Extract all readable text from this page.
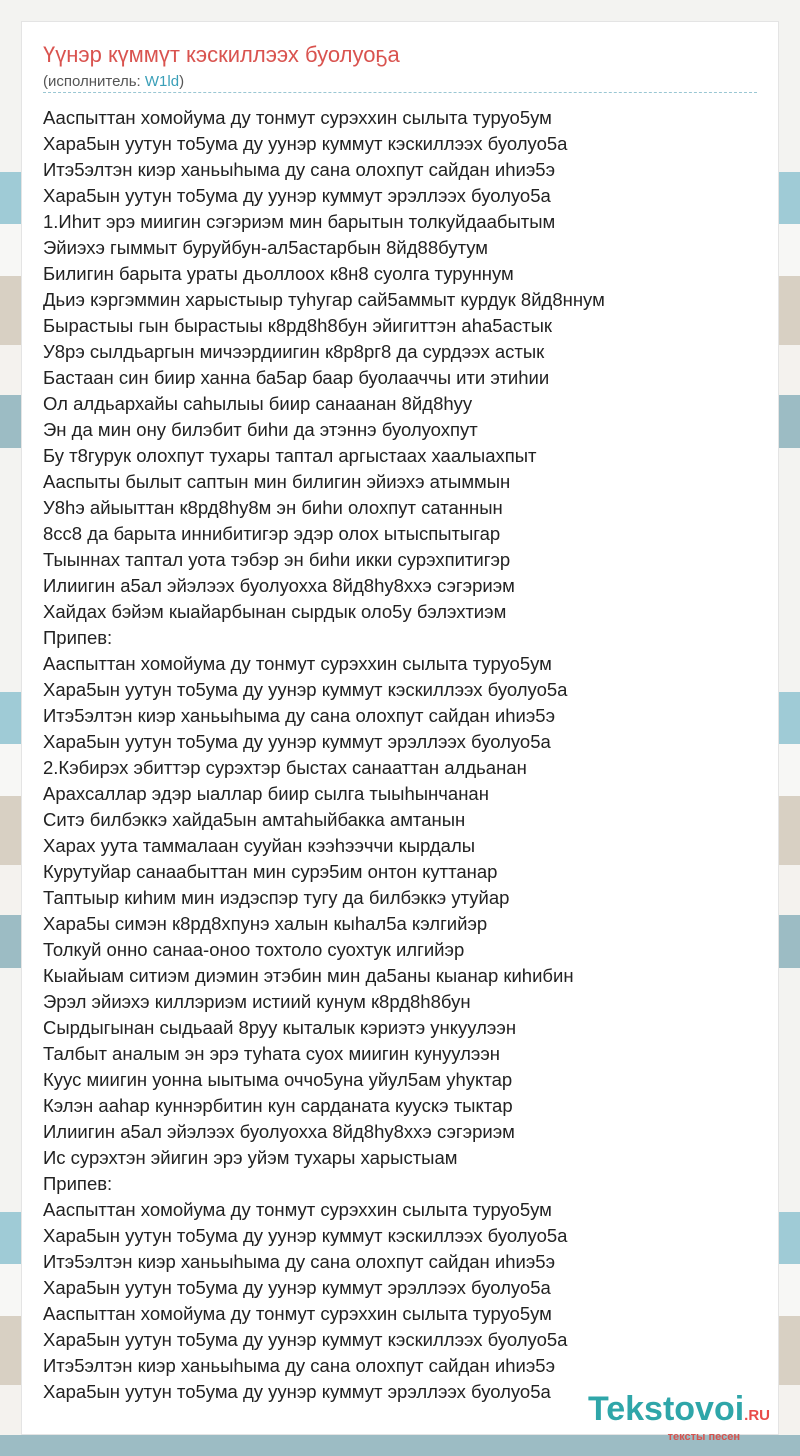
Үүнэр күммүт кэскиллээх буолуоҕа
(исполнитель: W1ld)
Ааспыттан хомойума ду тонмут сурэххин сылыта туруо5ум
Хара5ын уутун то5ума ду уунэр куммут кэскиллээх буолуо5а
Итэ5элтэн киэр ханьыhыма ду сана олохпут сайдан иhиэ5э
Хара5ын уутун то5ума ду уунэр куммут эрэллээх буолуо5а
1.Иhит эрэ миигин сэгэриэм мин барытын толкуйдаабытым
Эйиэхэ гыммыт буруйбун-ал5астарбын 8йд88бутум
Билигин барыта ураты дьоллоох к8н8 суолга туруннум
Дьиэ кэргэммин харыстыыр туhугар сай5аммыт курдук 8йд8ннум
Бырастыы гын бырастыы к8рд8h8бун эйигиттэн аhа5астык
У8рэ сылдьаргын мичээрдиигин к8р8рг8 да сурдээх астык
Бастаан син биир ханна ба5ар баар буолааччы ити этиhии
Ол алдьархайы саhылыы биир санаанан 8йд8hуу
Эн да мин ону билэбит биhи да этэннэ буолуохпут
Бу т8гурук олохпут тухары таптал аргыстаах хаалыахпыт
Ааспыты былыт саптын мин билигин эйиэхэ атыммын
У8hэ айыыттан к8рд8hу8м эн биhи олохпут сатаннын
8сс8 да барыта иннибитигэр эдэр олох ытыспытыгар
Тыыннах таптал уота тэбэр эн биhи икки сурэхпитигэр
Илиигин а5ал эйэлээх буолуохха 8йд8hу8ххэ сэгэриэм
Хайдах бэйэм кыайарбынан сырдык оло5у бэлэхтиэм
Припев:
Ааспыттан хомойума ду тонмут сурэххин сылыта туруо5ум
Хара5ын уутун то5ума ду уунэр куммут кэскиллээх буолуо5а
Итэ5элтэн киэр ханьыhыма ду сана олохпут сайдан иhиэ5э
Хара5ын уутун то5ума ду уунэр куммут эрэллээх буолуо5а
2.Кэбирэх эбиттэр сурэхтэр быстах санааттан алдьанан
Арахсаллар эдэр ыаллар биир сылга тыыhынчанан
Ситэ билбэккэ хайда5ын амтаhыйбакка амтанын
Харах уута таммалаан сууйан кээhээччи кырдалы
Курутуйар санаабыттан мин сурэ5им онтон куттанар
Таптыыр киhим мин иэдэспэр тугу да билбэккэ утуйар
Хара5ы симэн к8рд8хпунэ халын кыhал5а кэлгийэр
Толкуй онно санаа-оноо тохтоло суохтук илгийэр
Кыайыам ситиэм диэмин этэбин мин да5аны кыанар киhибин
Эрэл эйиэхэ киллэриэм истиий кунум к8рд8h8бун
Сырдыгынан сыдьаай 8руу кыталык кэриэтэ ункуулээн
Талбыт аналым эн эрэ туhата суох миигин кунуулээн
Куус миигин уонна ыытыма оччо5уна уйул5ам уhуктар
Кэлэн ааhар куннэрбитин кун сарданата кууск​э тыктар
Илиигин а5ал эйэлээх буолуохха 8йд8hу8ххэ сэгэриэм
Ис сурэхтэн эйигин эрэ уйэм тухары харыстыам
Припев:
Ааспыттан хомойума ду тонмут сурэххин сылыта туруо5ум
Хара5ын уутун то5ума ду уунэр куммут кэскиллээх буолуо5а
Итэ5элтэн киэр ханьыhыма ду сана олохпут сайдан иhиэ5э
Хара5ын уутун то5ума ду уунэр куммут эрэллээх буолуо5а
Ааспыттан хомойума ду тонмут сурэххин сылыта туруо5ум
Хара5ын уутун то5ума ду уунэр куммут кэскиллээх буолуо5а
Итэ5элтэн киэр ханьыhыма ду сана олохпут сайдан иhиэ5э
Хара5ын уутун то5ума ду уунэр куммут эрэллээх буолуо5а	Tekstovoi.RU
тексты песен
